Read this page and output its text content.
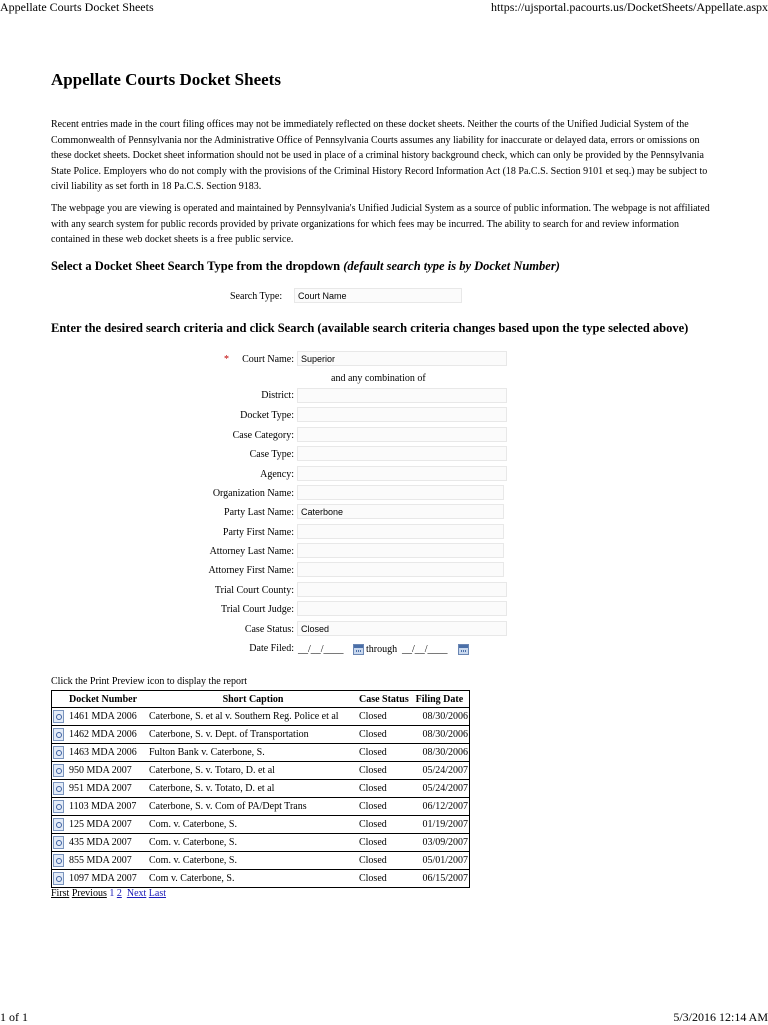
Appellate Courts Docket Sheets	https://ujsportal.pacourts.us/DocketSheets/Appellate.aspx
Appellate Courts Docket Sheets

Recent entries made in the court filing offices may not be immediately reflected on these docket sheets. Neither the courts of the Unified Judicial System of the Commonwealth of Pennsylvania nor the Administrative Office of Pennsylvania Courts assumes any liability for inaccurate or delayed data, errors or omissions on these docket sheets. Docket sheet information should not be used in place of a criminal history background check, which can only be provided by the Pennsylvania State Police. Employers who do not comply with the provisions of the Criminal History Record Information Act (18 Pa.C.S. Section 9101 et seq.) may be subject to civil liability as set forth in 18 Pa.C.S. Section 9183.

The webpage you are viewing is operated and maintained by Pennsylvania's Unified Judicial System as a source of public information. The webpage is not affiliated with any search system for public records provided by private organizations for which fees may be incurred. The ability to search for and review information contained in these web docket sheets is a free public service.

Select a Docket Sheet Search Type from the dropdown (default search type is by Docket Number)
Search Type:	Court Name
Enter the desired search criteria and click Search (available search criteria changes based upon the type selected above)
* Court Name: Superior
and any combination of
District:
Docket Type:
Case Category:
Case Type:
Agency:
Organization Name:
Party Last Name: Caterbone
Party First Name:
Attorney Last Name:
Attorney First Name:
Trial Court County:
Trial Court Judge:
Case Status: Closed
Date Filed: __/__/____ through __/__/____
Click the Print Preview icon to display the report
	Docket Number	Short Caption	Case Status	Filing Date
	1461 MDA 2006	Caterbone, S. et al v. Southern Reg. Police et al	Closed	08/30/2006
	1462 MDA 2006	Caterbone, S. v. Dept. of Transportation	Closed	08/30/2006
	1463 MDA 2006	Fulton Bank v. Caterbone, S.	Closed	08/30/2006
	950 MDA 2007	Caterbone, S. v. Totaro, D. et al	Closed	05/24/2007
	951 MDA 2007	Caterbone, S. v. Totato, D. et al	Closed	05/24/2007
	1103 MDA 2007	Caterbone, S. v. Com of PA/Dept Trans	Closed	06/12/2007
	125 MDA 2007	Com. v. Caterbone, S.	Closed	01/19/2007
	435 MDA 2007	Com. v. Caterbone, S.	Closed	03/09/2007
	855 MDA 2007	Com. v. Caterbone, S.	Closed	05/01/2007
	1097 MDA 2007	Com v. Caterbone, S.	Closed	06/15/2007
First Previous 1 2 Next Last
1 of 1	5/3/2016 12:14 AM
